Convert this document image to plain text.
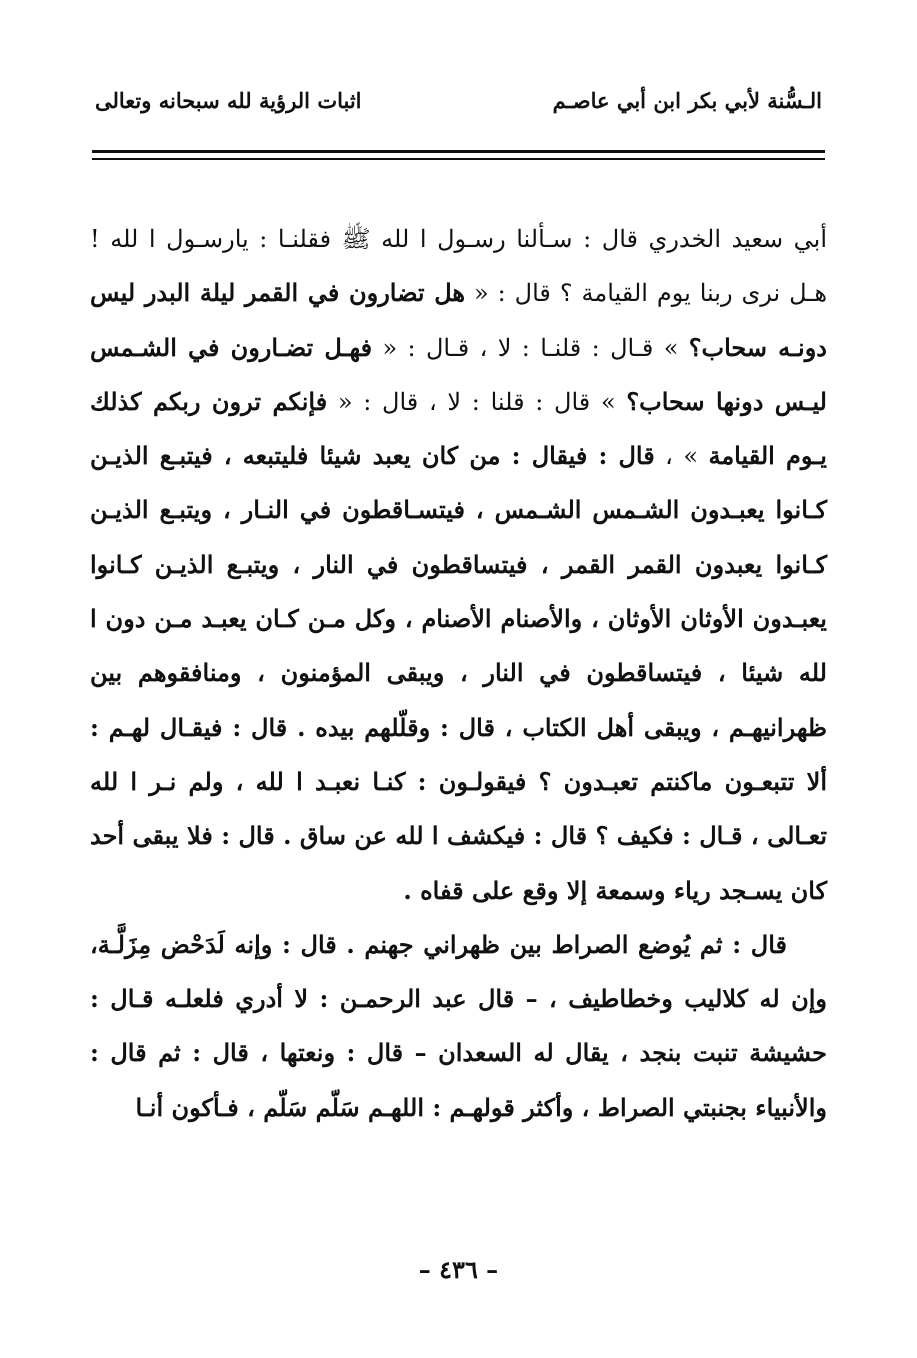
الـسُّنة لأبي بكر ابن أبي عاصـم
اثبات الرؤية لله سبحانه وتعالى

أبي سعيد الخدري قال : سـألنا رسـول ا لله ﷺ فقلنـا : يارسـول ا لله ! هـل نرى ربنا يوم القيامة ؟ قال : « هل تضارون في القمر ليلة البدر ليس دونـه سحاب؟ » قـال : قلنـا : لا ، قـال : « فهـل تضـارون في الشـمس ليـس دونها سحاب؟ » قال : قلنا : لا ، قال : « فإنكم ترون ربكم كذلك يـوم القيامة » ، قال : فيقال : من كان يعبد شيئا فليتبعه ، فيتبـع الذيـن كـانوا يعبـدون الشـمس الشـمس ، فيتسـاقطون في النـار ، ويتبـع الذيـن كـانوا يعبدون القمر القمر ، فيتساقطون في النار ، ويتبـع الذيـن كـانوا يعبـدون الأوثان الأوثان ، والأصنام الأصنام ، وكل مـن كـان يعبـد مـن دون ا لله شيئا ، فيتساقطون في النار ، ويبقى المؤمنون ، ومنافقوهم بين ظهرانيهـم ، ويبقى أهل الكتاب ، قال : وقلّلهم بيده . قال : فيقـال لهـم : ألا تتبعـون ماكنتم تعبـدون ؟ فيقولـون : كنـا نعبـد ا لله ، ولم نـر ا لله تعـالى ، قـال : فكيف ؟ قال : فيكشف ا لله عن ساق . قال : فلا يبقى أحد كان يسـجد رياء وسمعة إلا وقع على قفاه .

قال : ثم يُوضع الصراط بين ظهراني جهنم . قال : وإنه لَدَحْض مِزَلَّـة، وإن له كلاليب وخطاطيف ، – قال عبد الرحمـن : لا أدري فلعلـه قـال : حشيشة تنبت بنجد ، يقال له السعدان – قال : ونعتها ، قال : ثم قال : والأنبياء بجنبتي الصراط ، وأكثر قولهـم : اللهـم سَلّم سَلّم ، فـأكون أنـا

– ٤٣٦ –
